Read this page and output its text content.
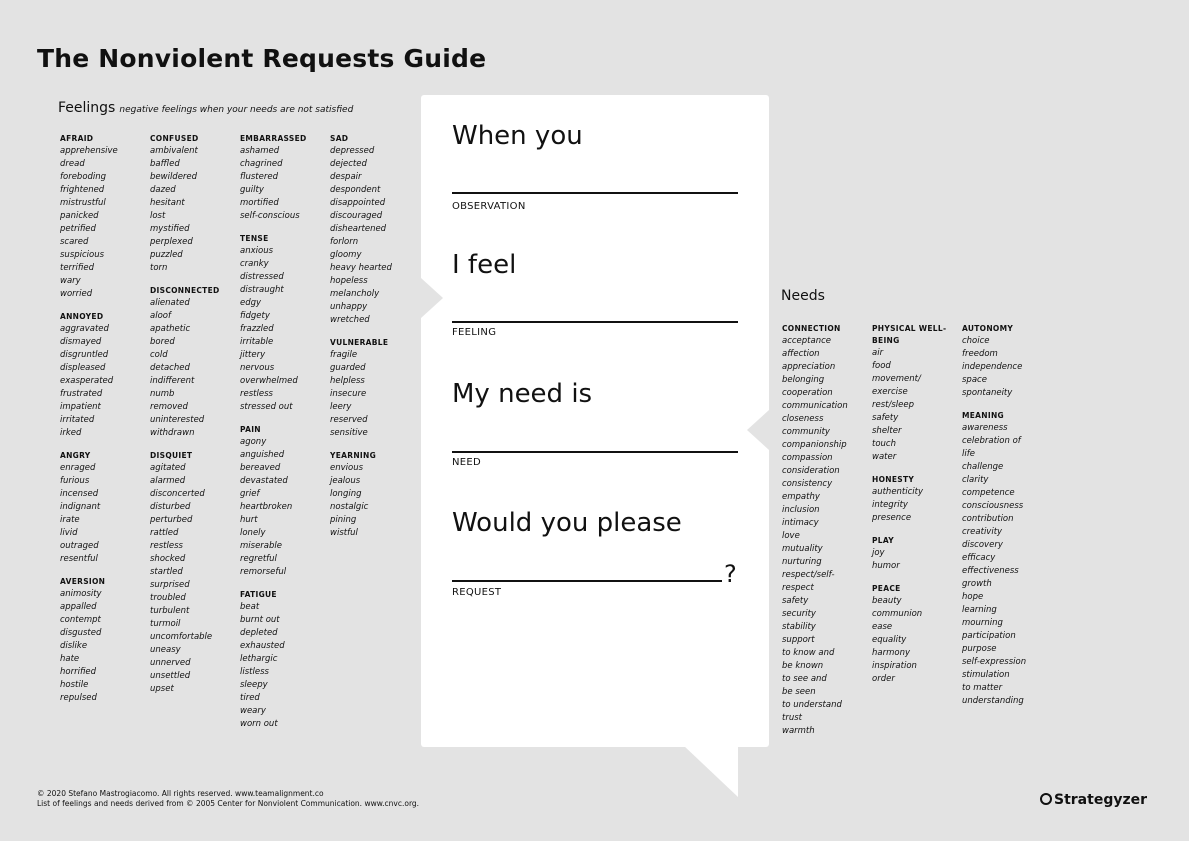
The Nonviolent Requests Guide
Feelings negative feelings when your needs are not satisfied
AFRAID
apprehensive
dread
foreboding
frightened
mistrustful
panicked
petrified
scared
suspicious
terrified
wary
worried
ANNOYED
aggravated
dismayed
disgruntled
displeased
exasperated
frustrated
impatient
irritated
irked
ANGRY
enraged
furious
incensed
indignant
irate
livid
outraged
resentful
AVERSION
animosity
appalled
contempt
disgusted
dislike
hate
horrified
hostile
repulsed
CONFUSED
ambivalent
baffled
bewildered
dazed
hesitant
lost
mystified
perplexed
puzzled
torn
DISCONNECTED
alienated
aloof
apathetic
bored
cold
detached
indifferent
numb
removed
uninterested
withdrawn
DISQUIET
agitated
alarmed
disconcerted
disturbed
perturbed
rattled
restless
shocked
startled
surprised
troubled
turbulent
turmoil
uncomfortable
uneasy
unnerved
unsettled
upset
EMBARRASSED
ashamed
chagrined
flustered
guilty
mortified
self-conscious
TENSE
anxious
cranky
distressed
distraught
edgy
fidgety
frazzled
irritable
jittery
nervous
overwhelmed
restless
stressed out
PAIN
agony
anguished
bereaved
devastated
grief
heartbroken
hurt
lonely
miserable
regretful
remorseful
FATIGUE
beat
burnt out
depleted
exhausted
lethargic
listless
sleepy
tired
weary
worn out
SAD
depressed
dejected
despair
despondent
disappointed
discouraged
disheartened
forlorn
gloomy
heavy hearted
hopeless
melancholy
unhappy
wretched
VULNERABLE
fragile
guarded
helpless
insecure
leery
reserved
sensitive
YEARNING
envious
jealous
longing
nostalgic
pining
wistful
When you
OBSERVATION
I feel
FEELING
My need is
NEED
Would you please
?
REQUEST
Needs
CONNECTION
acceptance
affection
appreciation
belonging
cooperation
communication
closeness
community
companionship
compassion
consideration
consistency
empathy
inclusion
intimacy
love
mutuality
nurturing
respect/self-
respect
safety
security
stability
support
to know and
be known
to see and
be seen
to understand
trust
warmth
PHYSICAL WELL-BEING
air
food
movement/
exercise
rest/sleep
safety
shelter
touch
water
HONESTY
authenticity
integrity
presence
PLAY
joy
humor
PEACE
beauty
communion
ease
equality
harmony
inspiration
order
AUTONOMY
choice
freedom
independence
space
spontaneity
MEANING
awareness
celebration of
life
challenge
clarity
competence
consciousness
contribution
creativity
discovery
efficacy
effectiveness
growth
hope
learning
mourning
participation
purpose
self-expression
stimulation
to matter
understanding
© 2020 Stefano Mastrogiacomo. All rights reserved. www.teamalignment.co
List of feelings and needs derived from © 2005 Center for Nonviolent Communication. www.cnvc.org.	Strategyzer
